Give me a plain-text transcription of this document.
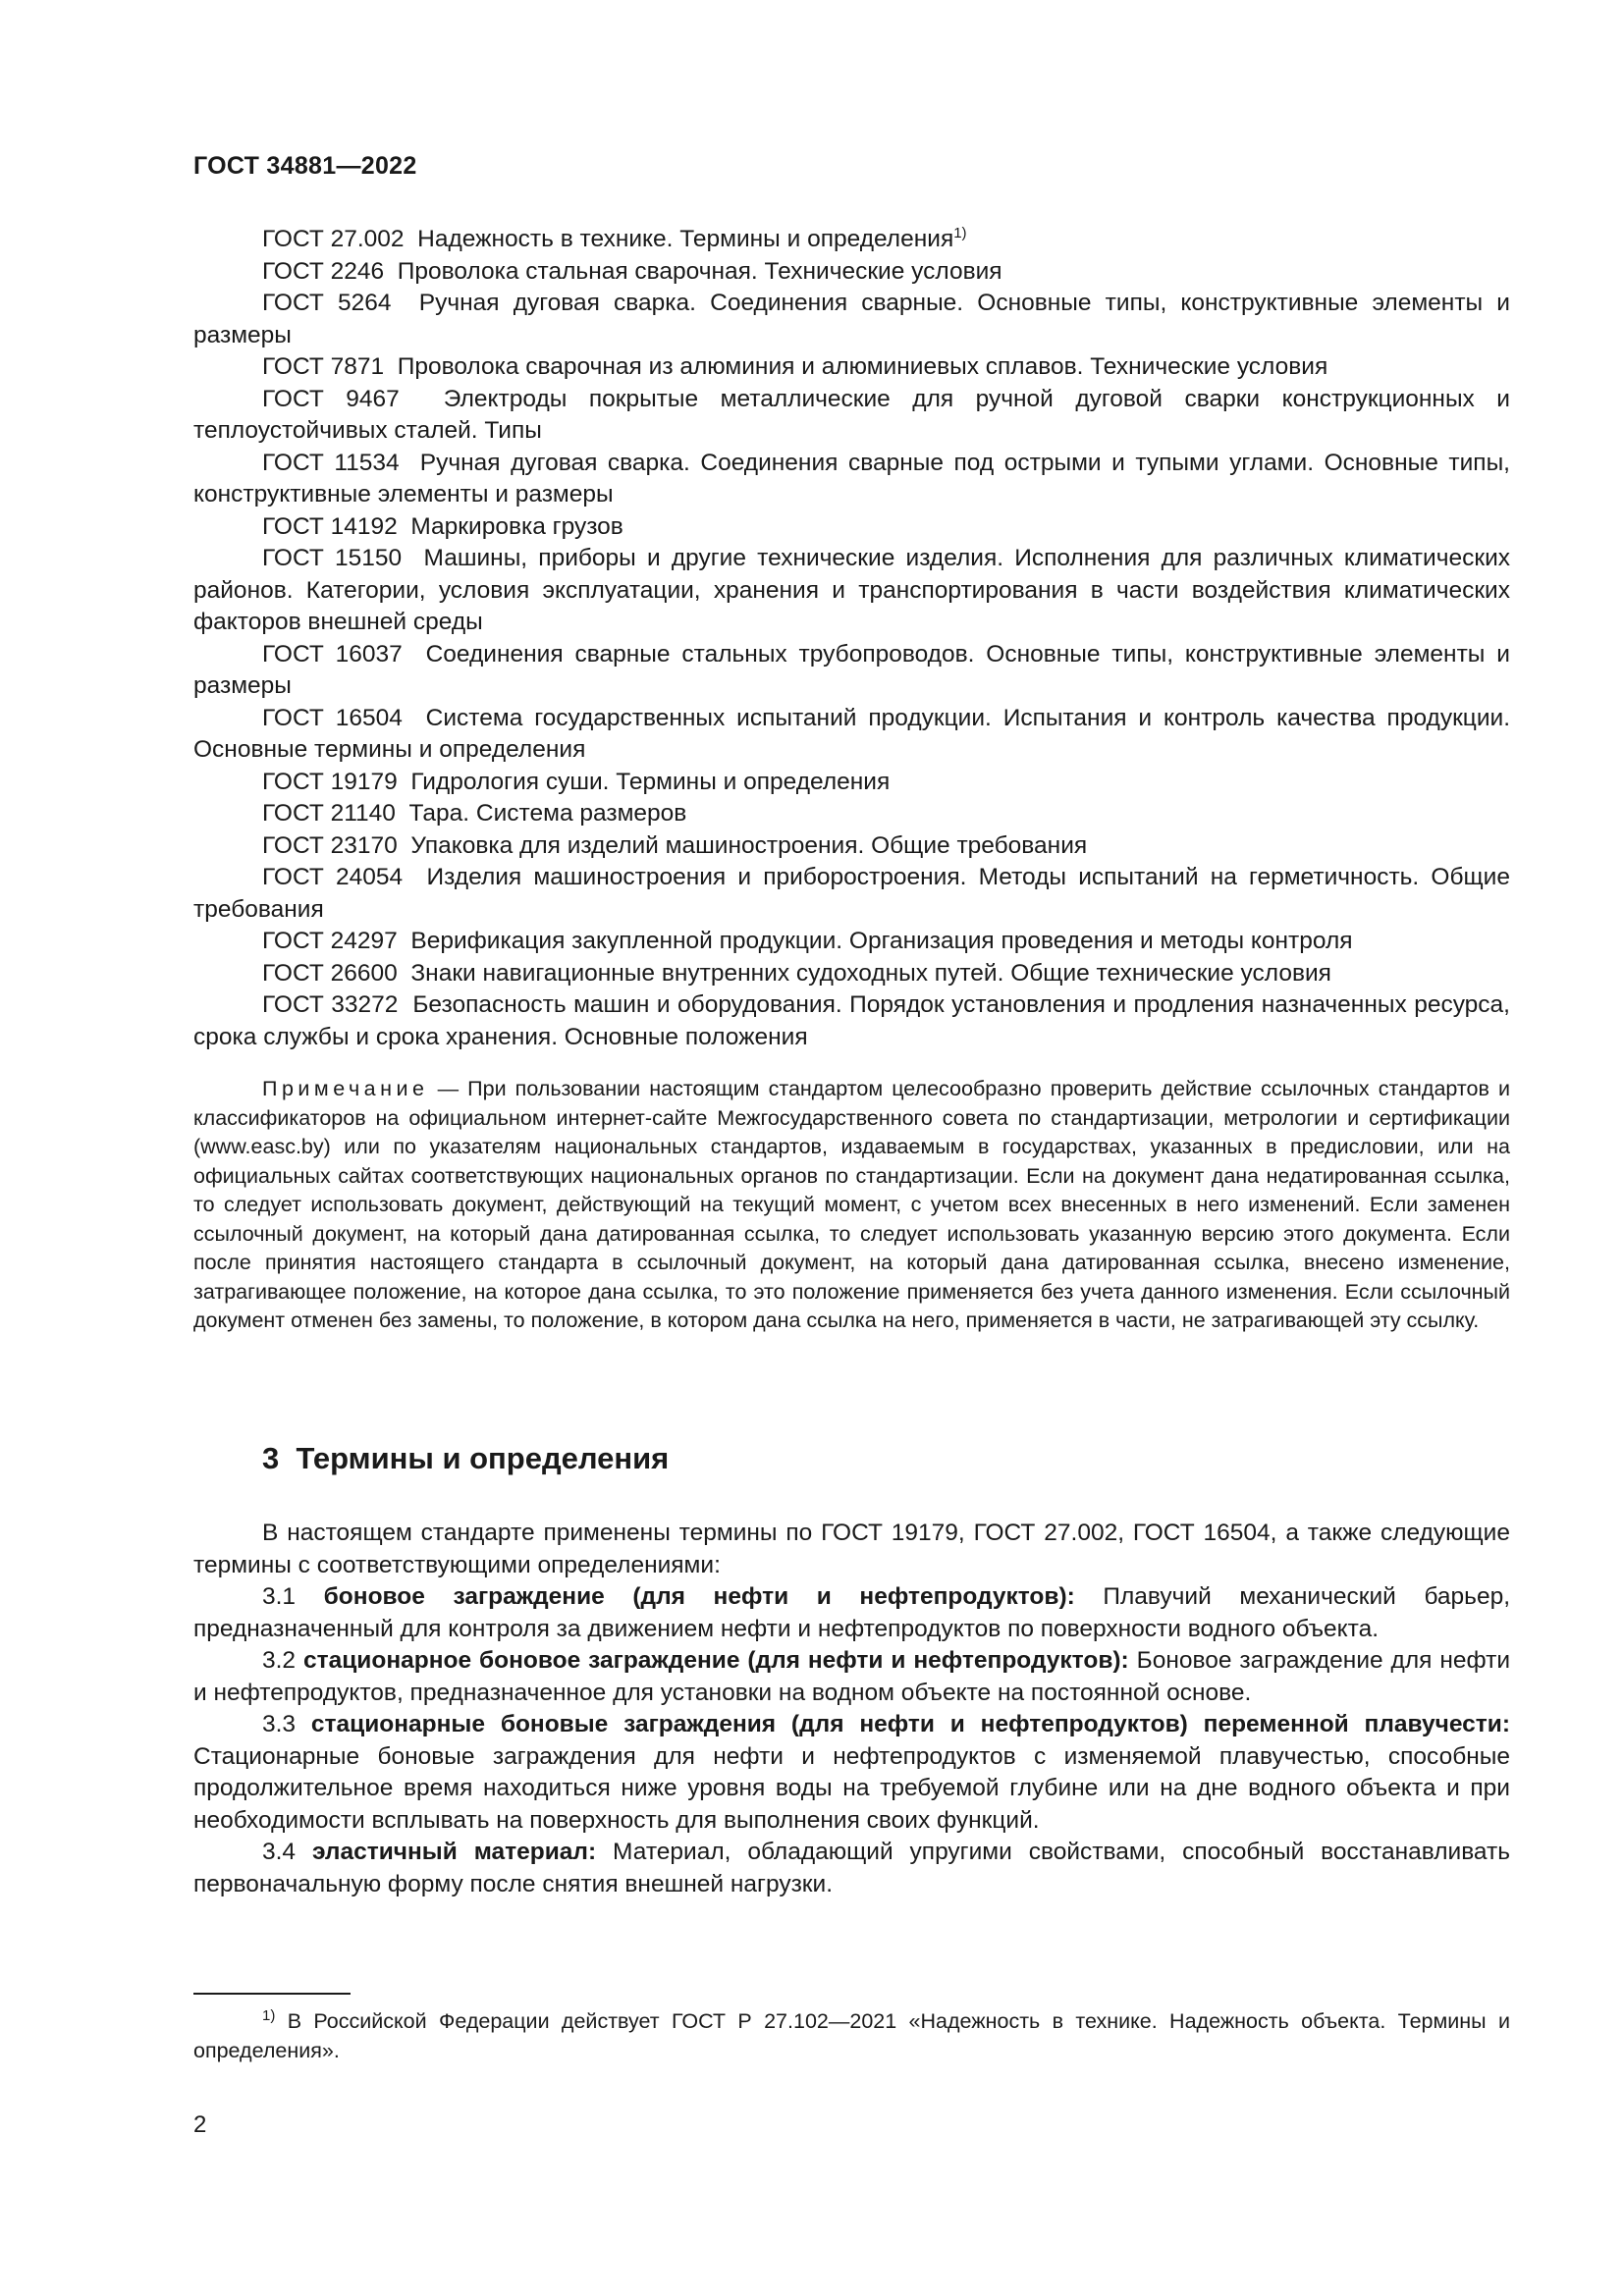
ГОСТ 34881—2022

ГОСТ 27.002 Надежность в технике. Термины и определения$^{1)}$

ГОСТ 2246 Проволока стальная сварочная. Технические условия

ГОСТ 5264 Ручная дуговая сварка. Соединения сварные. Основные типы, конструктивные элементы и размеры

ГОСТ 7871 Проволока сварочная из алюминия и алюминиевых сплавов. Технические условия

ГОСТ 9467 Электроды покрытые металлические для ручной дуговой сварки конструкционных и теплоустойчивых сталей. Типы

ГОСТ 11534 Ручная дуговая сварка. Соединения сварные под острыми и тупыми углами. Основные типы, конструктивные элементы и размеры

ГОСТ 14192 Маркировка грузов

ГОСТ 15150 Машины, приборы и другие технические изделия. Исполнения для различных климатических районов. Категории, условия эксплуатации, хранения и транспортирования в части воздействия климатических факторов внешней среды

ГОСТ 16037 Соединения сварные стальных трубопроводов. Основные типы, конструктивные элементы и размеры

ГОСТ 16504 Система государственных испытаний продукции. Испытания и контроль качества продукции. Основные термины и определения

ГОСТ 19179 Гидрология суши. Термины и определения

ГОСТ 21140 Тара. Система размеров

ГОСТ 23170 Упаковка для изделий машиностроения. Общие требования

ГОСТ 24054 Изделия машиностроения и приборостроения. Методы испытаний на герметичность. Общие требования

ГОСТ 24297 Верификация закупленной продукции. Организация проведения и методы контроля

ГОСТ 26600 Знаки навигационные внутренних судоходных путей. Общие технические условия

ГОСТ 33272 Безопасность машин и оборудования. Порядок установления и продления назначенных ресурса, срока службы и срока хранения. Основные положения

Примечание — При пользовании настоящим стандартом целесообразно проверить действие ссылочных стандартов и классификаторов на официальном интернет-сайте Межгосударственного совета по стандартизации, метрологии и сертификации (www.easc.by) или по указателям национальных стандартов, издаваемым в государствах, указанных в предисловии, или на официальных сайтах соответствующих национальных органов по стандартизации. Если на документ дана недатированная ссылка, то следует использовать документ, действующий на текущий момент, с учетом всех внесенных в него изменений. Если заменен ссылочный документ, на который дана датированная ссылка, то следует использовать указанную версию этого документа. Если после принятия настоящего стандарта в ссылочный документ, на который дана датированная ссылка, внесено изменение, затрагивающее положение, на которое дана ссылка, то это положение применяется без учета данного изменения. Если ссылочный документ отменен без замены, то положение, в котором дана ссылка на него, применяется в части, не затрагивающей эту ссылку.

3 Термины и определения

В настоящем стандарте применены термины по ГОСТ 19179, ГОСТ 27.002, ГОСТ 16504, а также следующие термины с соответствующими определениями:

3.1 боновое заграждение (для нефти и нефтепродуктов): Плавучий механический барьер, предназначенный для контроля за движением нефти и нефтепродуктов по поверхности водного объекта.

3.2 стационарное боновое заграждение (для нефти и нефтепродуктов): Боновое заграждение для нефти и нефтепродуктов, предназначенное для установки на водном объекте на постоянной основе.

3.3 стационарные боновые заграждения (для нефти и нефтепродуктов) переменной плавучести: Стационарные боновые заграждения для нефти и нефтепродуктов с изменяемой плавучестью, способные продолжительное время находиться ниже уровня воды на требуемой глубине или на дне водного объекта и при необходимости всплывать на поверхность для выполнения своих функций.

3.4 эластичный материал: Материал, обладающий упругими свойствами, способный восстанавливать первоначальную форму после снятия внешней нагрузки.

$^{1)}$ В Российской Федерации действует ГОСТ Р 27.102—2021 «Надежность в технике. Надежность объекта. Термины и определения».

2
